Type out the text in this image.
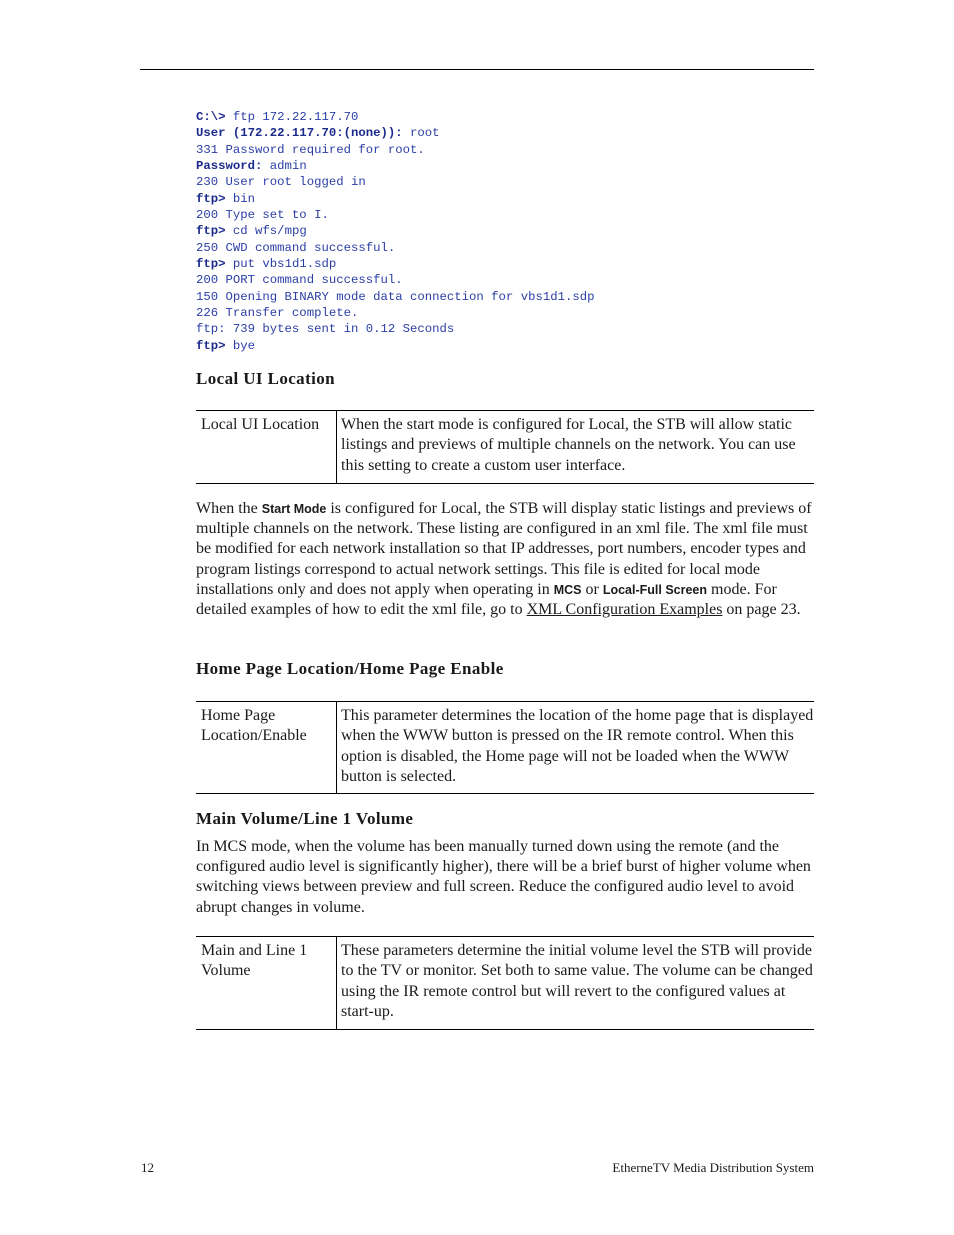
C:\> ftp 172.22.117.70
User (172.22.117.70:(none)): root
331 Password required for root.
Password: admin
230 User root logged in
ftp> bin
200 Type set to I.
ftp> cd wfs/mpg
250 CWD command successful.
ftp> put vbs1d1.sdp
200 PORT command successful.
150 Opening BINARY mode data connection for vbs1d1.sdp
226 Transfer complete.
ftp: 739 bytes sent in 0.12 Seconds
ftp> bye
Local UI Location
Local UI Location	When the start mode is configured for Local, the STB will allow static listings and previews of multiple channels on the network. You can use this setting to create a custom user interface.

When the Start Mode is configured for Local, the STB will display static listings and previews of multiple channels on the network. These listing are configured in an xml file. The xml file must be modified for each network installation so that IP addresses, port numbers, encoder types and program listings correspond to actual network settings. This file is edited for local mode installations only and does not apply when operating in MCS or Local-Full Screen mode. For detailed examples of how to edit the xml file, go to XML Configuration Examples on page 23.

Home Page Location/Home Page Enable
Home Page Location/Enable
This parameter determines the location of the home page that is displayed when the WWW button is pressed on the IR remote control. When this option is disabled, the Home page will not be loaded when the WWW button is selected.
Main Volume/Line 1 Volume

In MCS mode, when the volume has been manually turned down using the remote (and the configured audio level is significantly higher), there will be a brief burst of higher volume when switching views between preview and full screen. Reduce the configured audio level to avoid abrupt changes in volume.

Main and Line 1 Volume
These parameters determine the initial volume level the STB will provide to the TV or monitor. Set both to same value. The volume can be changed using the IR remote control but will revert to the configured values at start-up.
12	EtherneTV Media Distribution System
